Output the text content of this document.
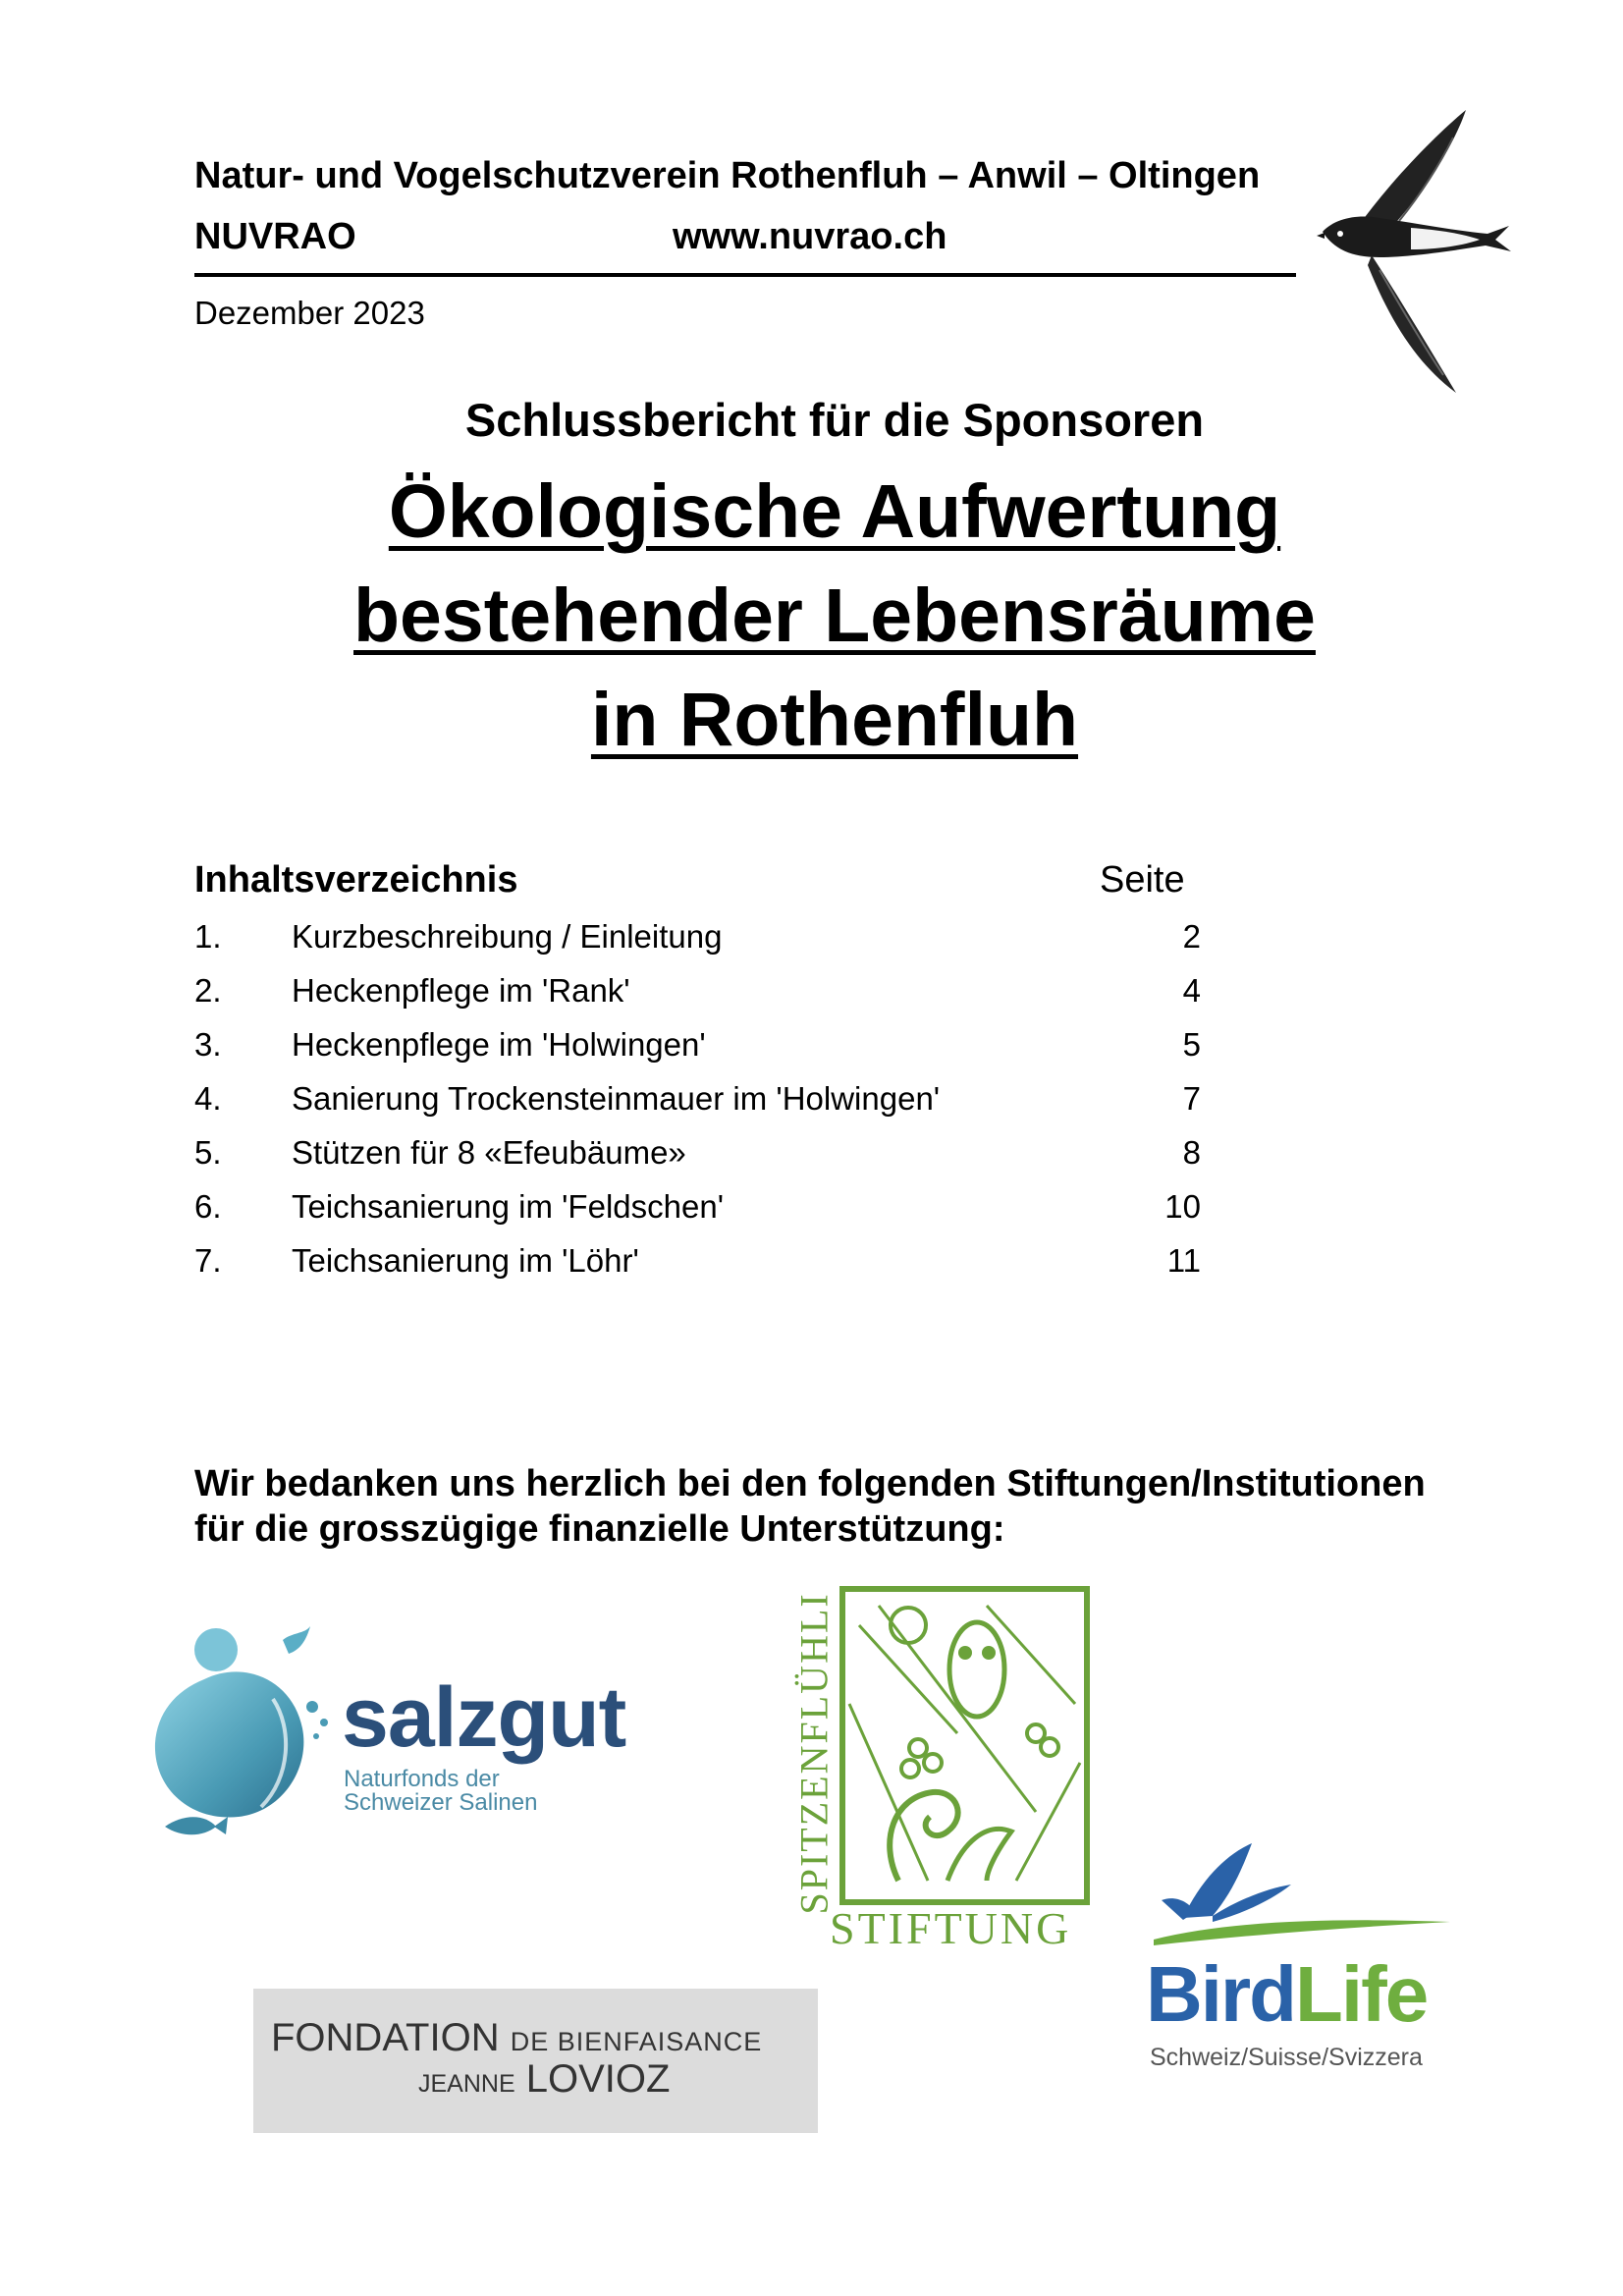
Natur- und Vogelschutzverein Rothenfluh – Anwil – Oltingen
NUVRAO	www.nuvrao.ch
Dezember 2023
Schlussbericht für die Sponsoren
Ökologische Aufwertung
bestehender Lebensräume
in Rothenfluh
Inhaltsverzeichnis	Seite
1. Kurzbeschreibung / Einleitung	2
2. Heckenpflege im 'Rank'	4
3. Heckenpflege im 'Holwingen'	5
4. Sanierung Trockensteinmauer im 'Holwingen'	7
5. Stützen für 8 «Efeubäume»	8
6. Teichsanierung im 'Feldschen'	10
7. Teichsanierung im 'Löhr'	11
Wir bedanken uns herzlich bei den folgenden Stiftungen/Institutionen
für die grosszügige finanzielle Unterstützung:
salzgut
Naturfonds der
Schweizer Salinen	SPITZENFLÜHLI
STIFTUNG
BirdLife
Schweiz/Suisse/Svizzera
FONDATION DE BIENFAISANCE
JEANNE LOVIOZ
